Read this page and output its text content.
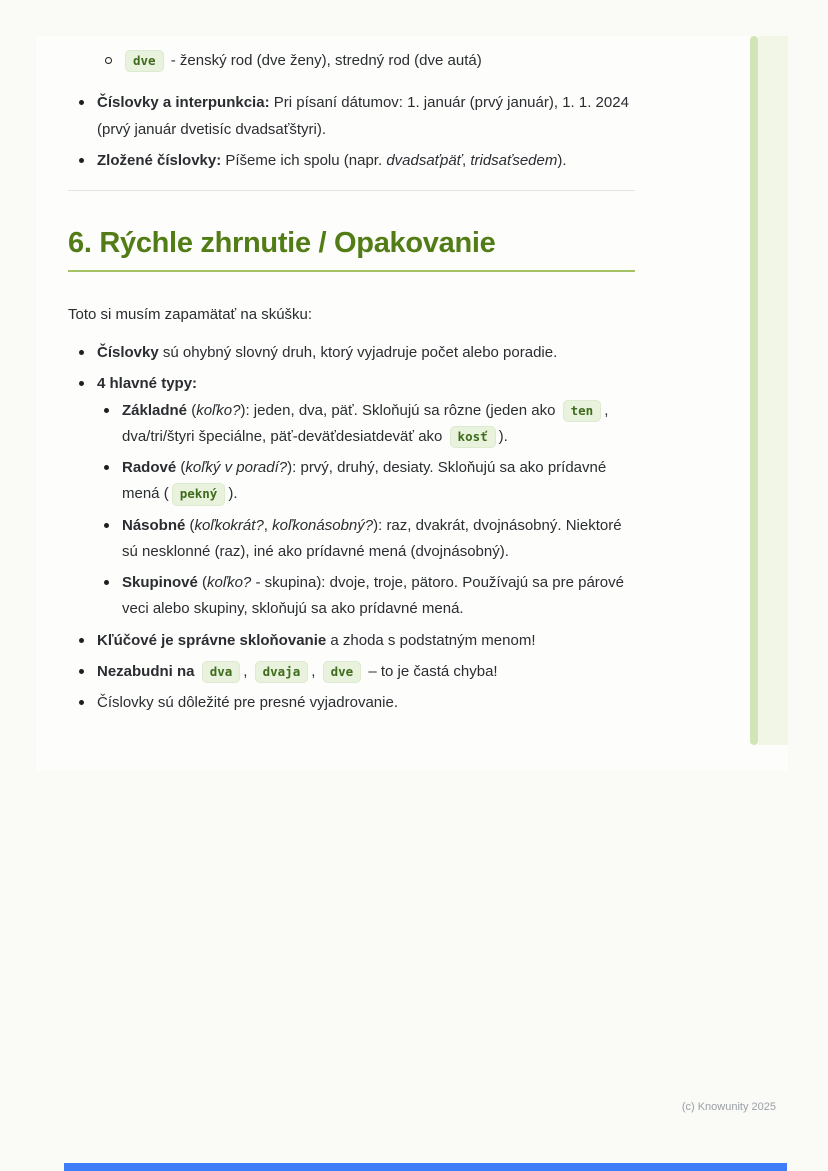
dve - ženský rod (dve ženy), stredný rod (dve autá)
Číslovky a interpunkcia: Pri písaní dátumov: 1. január (prvý január), 1. 1. 2024 (prvý január dvetisíc dvadsaťštyri).
Zložené číslovky: Píšeme ich spolu (napr. dvadsaťpäť, tridsaťsedem).
6. Rýchle zhrnutie / Opakovanie

Toto si musím zapamätať na skúšku:

Číslovky sú ohybný slovný druh, ktorý vyjadruje počet alebo poradie.
4 hlavné typy:
Základné (koľko?): jeden, dva, päť. Skloňujú sa rôzne (jeden ako ten , dva/tri/štyri špeciálne, päť-deväťdesiatdeväť ako kosť ).
Radové (koľký v poradí?): prvý, druhý, desiaty. Skloňujú sa ako prídavné mená ( pekný ).
Násobné (koľkokrát?, koľkonásobný?): raz, dvakrát, dvojnásobný. Niektoré sú nesklonné (raz), iné ako prídavné mená (dvojnásobný).
Skupinové (koľko? - skupina): dvoje, troje, pätoro. Používajú sa pre párové veci alebo skupiny, skloňujú sa ako prídavné mená.
Kľúčové je správne skloňovanie a zhoda s podstatným menom!
Nezabudni na dva , dvaja , dve – to je častá chyba!
Číslovky sú dôležité pre presné vyjadrovanie.
(c) Knowunity 2025
